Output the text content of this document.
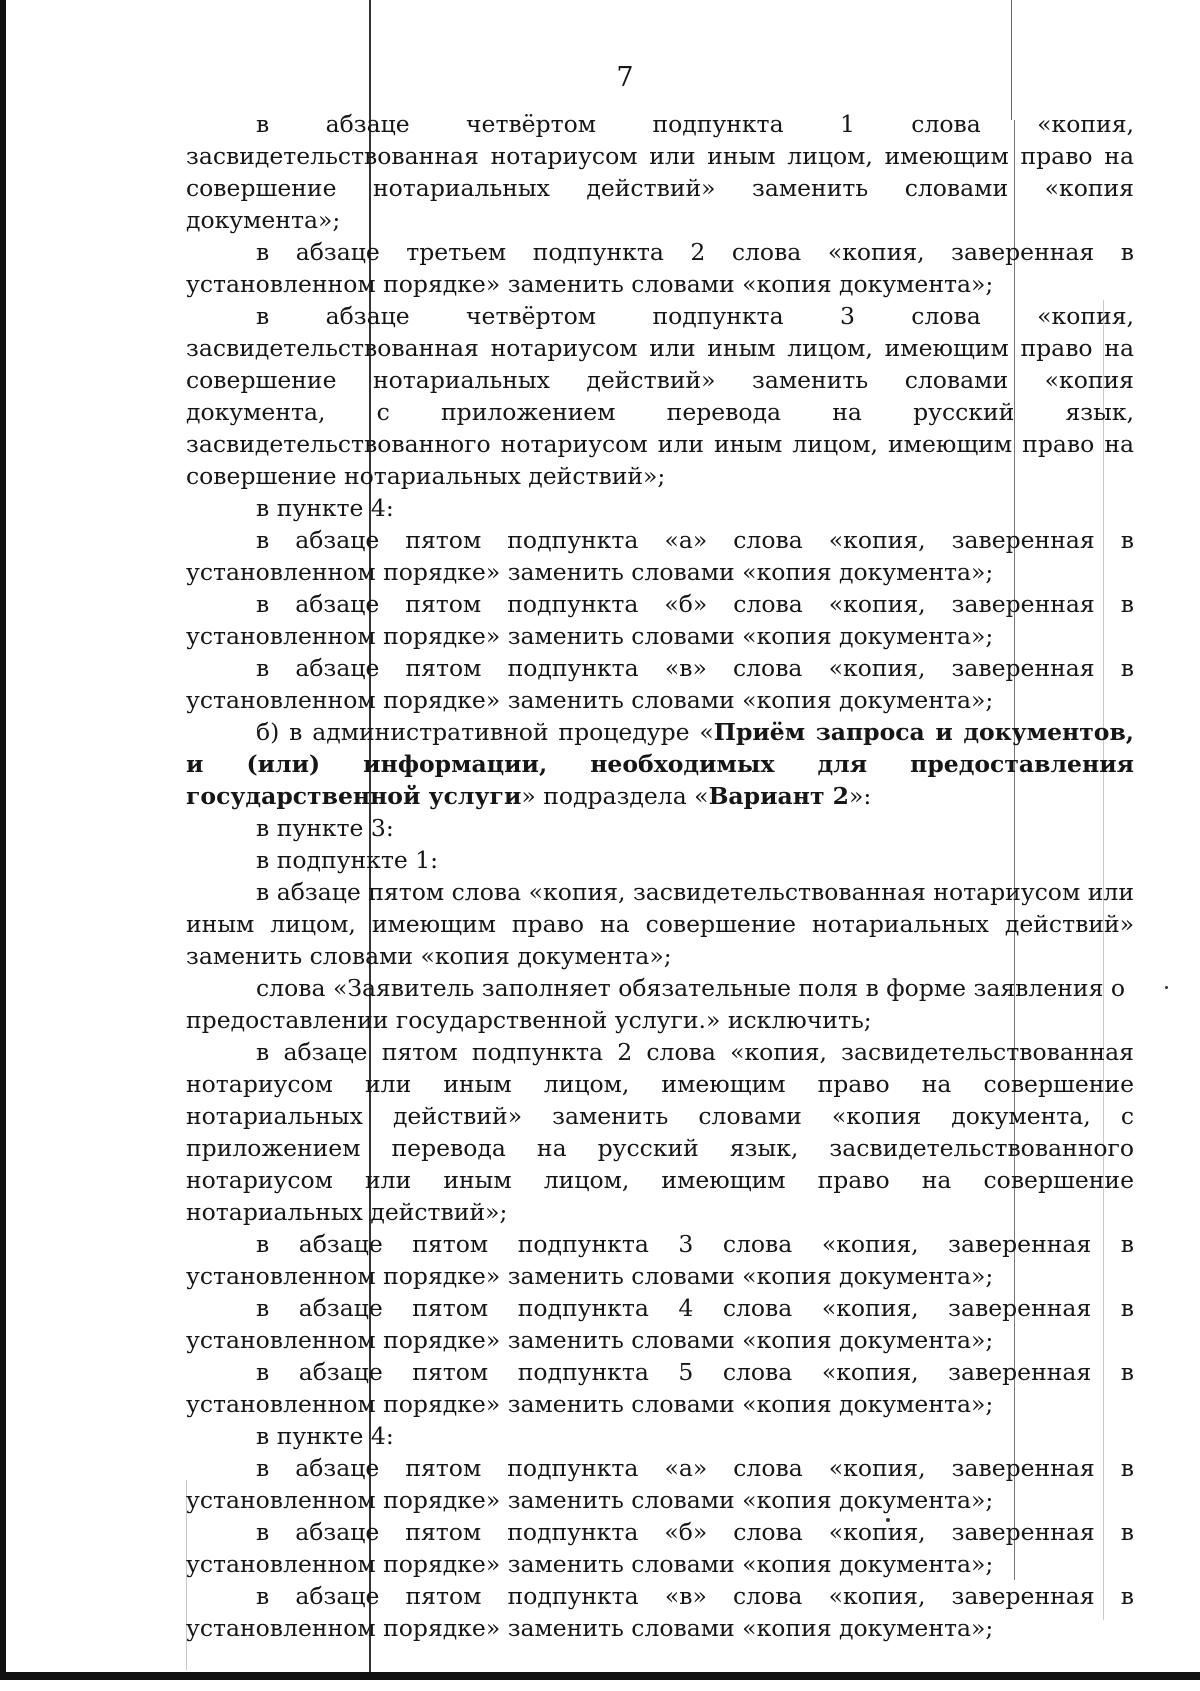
7

в абзаце четвёртом подпункта 1 слова «копия, засвидетельствованная нотариусом или иным лицом, имеющим право на совершение нотариальных действий» заменить словами «копия документа»;

в абзаце третьем подпункта 2 слова «копия, заверенная в установленном порядке» заменить словами «копия документа»;

в абзаце четвёртом подпункта 3 слова «копия, засвидетельствованная нотариусом или иным лицом, имеющим право на совершение нотариальных действий» заменить словами «копия документа, с приложением перевода на русский язык, засвидетельствованного нотариусом или иным лицом, имеющим право на совершение нотариальных действий»;

в пункте 4:

в абзаце пятом подпункта «а» слова «копия, заверенная в установленном порядке» заменить словами «копия документа»;

в абзаце пятом подпункта «б» слова «копия, заверенная в установленном порядке» заменить словами «копия документа»;

в абзаце пятом подпункта «в» слова «копия, заверенная в установленном порядке» заменить словами «копия документа»;

б) в административной процедуре «Приём запроса и документов, и (или) информации, необходимых для предоставления государственной услуги» подраздела «Вариант 2»:

в пункте 3:

в подпункте 1:

в абзаце пятом слова «копия, засвидетельствованная нотариусом или иным лицом, имеющим право на совершение нотариальных действий» заменить словами «копия документа»;

слова «Заявитель заполняет обязательные поля в форме заявления о предоставлении государственной услуги.» исключить;

в абзаце пятом подпункта 2 слова «копия, засвидетельствованная нотариусом или иным лицом, имеющим право на совершение нотариальных действий» заменить словами «копия документа, с приложением перевода на русский язык, засвидетельствованного нотариусом или иным лицом, имеющим право на совершение нотариальных действий»;

в абзаце пятом подпункта 3 слова «копия, заверенная в установленном порядке» заменить словами «копия документа»;

в абзаце пятом подпункта 4 слова «копия, заверенная в установленном порядке» заменить словами «копия документа»;

в абзаце пятом подпункта 5 слова «копия, заверенная в установленном порядке» заменить словами «копия документа»;

в пункте 4:

в абзаце пятом подпункта «а» слова «копия, заверенная в установленном порядке» заменить словами «копия документа»;

в абзаце пятом подпункта «б» слова «копия, заверенная в установленном порядке» заменить словами «копия документа»;

в абзаце пятом подпункта «в» слова «копия, заверенная в установленном порядке» заменить словами «копия документа»;
